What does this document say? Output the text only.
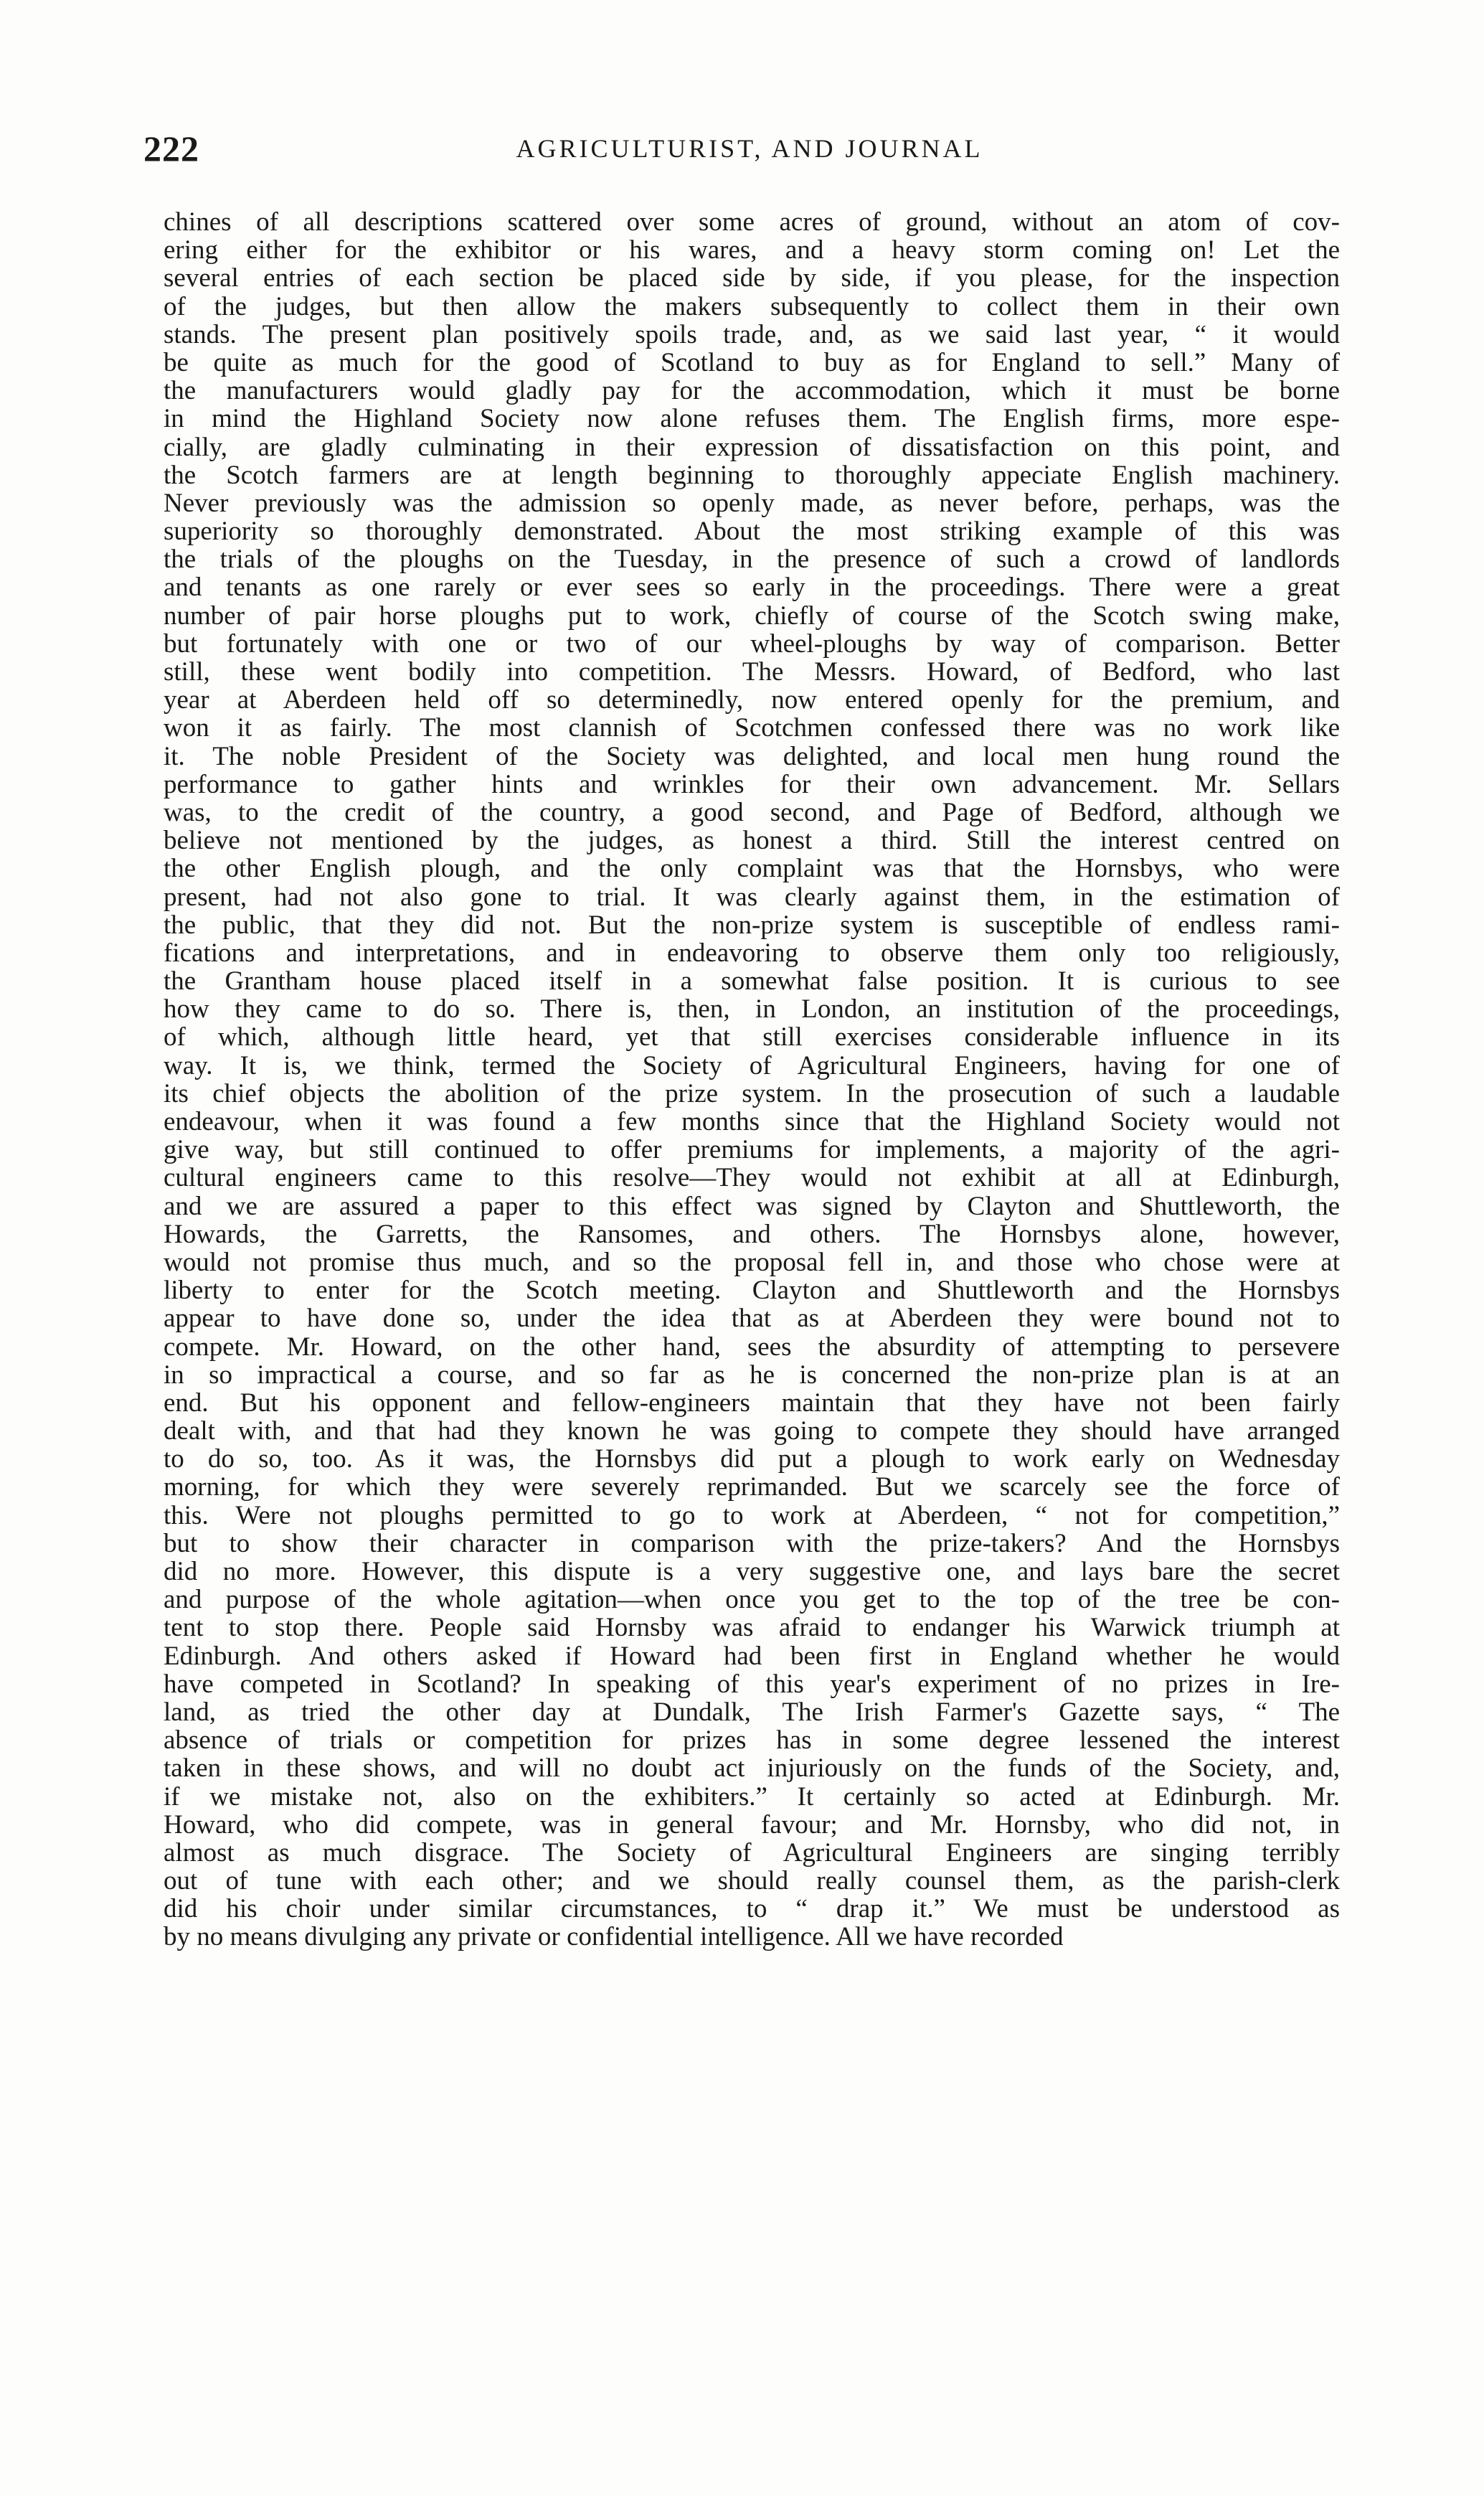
222	AGRICULTURIST, AND JOURNAL
chines of all descriptions scattered over some acres of ground, without an atom of cov-
ering either for the exhibitor or his wares, and a heavy storm coming on! Let the
several entries of each section be placed side by side, if you please, for the inspection
of the judges, but then allow the makers subsequently to collect them in their own
stands. The present plan positively spoils trade, and, as we said last year, “ it would
be quite as much for the good of Scotland to buy as for England to sell.” Many of
the manufacturers would gladly pay for the accommodation, which it must be borne
in mind the Highland Society now alone refuses them. The English firms, more espe-
cially, are gladly culminating in their expression of dissatisfaction on this point, and
the Scotch farmers are at length beginning to thoroughly appeciate English machinery.
Never previously was the admission so openly made, as never before, perhaps, was the
superiority so thoroughly demonstrated. About the most striking example of this was
the trials of the ploughs on the Tuesday, in the presence of such a crowd of landlords
and tenants as one rarely or ever sees so early in the proceedings. There were a great
number of pair horse ploughs put to work, chiefly of course of the Scotch swing make,
but fortunately with one or two of our wheel-ploughs by way of comparison. Better
still, these went bodily into competition. The Messrs. Howard, of Bedford, who last
year at Aberdeen held off so determinedly, now entered openly for the premium, and
won it as fairly. The most clannish of Scotchmen confessed there was no work like
it. The noble President of the Society was delighted, and local men hung round the
performance to gather hints and wrinkles for their own advancement. Mr. Sellars
was, to the credit of the country, a good second, and Page of Bedford, although we
believe not mentioned by the judges, as honest a third. Still the interest centred on
the other English plough, and the only complaint was that the Hornsbys, who were
present, had not also gone to trial. It was clearly against them, in the estimation of
the public, that they did not. But the non-prize system is susceptible of endless rami-
fications and interpretations, and in endeavoring to observe them only too religiously,
the Grantham house placed itself in a somewhat false position. It is curious to see
how they came to do so. There is, then, in London, an institution of the proceedings,
of which, although little heard, yet that still exercises considerable influence in its
way. It is, we think, termed the Society of Agricultural Engineers, having for one of
its chief objects the abolition of the prize system. In the prosecution of such a laudable
endeavour, when it was found a few months since that the Highland Society would not
give way, but still continued to offer premiums for implements, a majority of the agri-
cultural engineers came to this resolve—They would not exhibit at all at Edinburgh,
and we are assured a paper to this effect was signed by Clayton and Shuttleworth, the
Howards, the Garretts, the Ransomes, and others. The Hornsbys alone, however,
would not promise thus much, and so the proposal fell in, and those who chose were at
liberty to enter for the Scotch meeting. Clayton and Shuttleworth and the Hornsbys
appear to have done so, under the idea that as at Aberdeen they were bound not to
compete. Mr. Howard, on the other hand, sees the absurdity of attempting to persevere
in so impractical a course, and so far as he is concerned the non-prize plan is at an
end. But his opponent and fellow-engineers maintain that they have not been fairly
dealt with, and that had they known he was going to compete they should have arranged
to do so, too. As it was, the Hornsbys did put a plough to work early on Wednesday
morning, for which they were severely reprimanded. But we scarcely see the force of
this. Were not ploughs permitted to go to work at Aberdeen, “ not for competition,”
but to show their character in comparison with the prize-takers? And the Hornsbys
did no more. However, this dispute is a very suggestive one, and lays bare the secret
and purpose of the whole agitation—when once you get to the top of the tree be con-
tent to stop there. People said Hornsby was afraid to endanger his Warwick triumph at
Edinburgh. And others asked if Howard had been first in England whether he would
have competed in Scotland? In speaking of this year's experiment of no prizes in Ire-
land, as tried the other day at Dundalk, The Irish Farmer's Gazette says, “ The
absence of trials or competition for prizes has in some degree lessened the interest
taken in these shows, and will no doubt act injuriously on the funds of the Society, and,
if we mistake not, also on the exhibiters.” It certainly so acted at Edinburgh. Mr.
Howard, who did compete, was in general favour; and Mr. Hornsby, who did not, in
almost as much disgrace. The Society of Agricultural Engineers are singing terribly
out of tune with each other; and we should really counsel them, as the parish-clerk
did his choir under similar circumstances, to “ drap it.” We must be understood as
by no means divulging any private or confidential intelligence. All we have recorded
